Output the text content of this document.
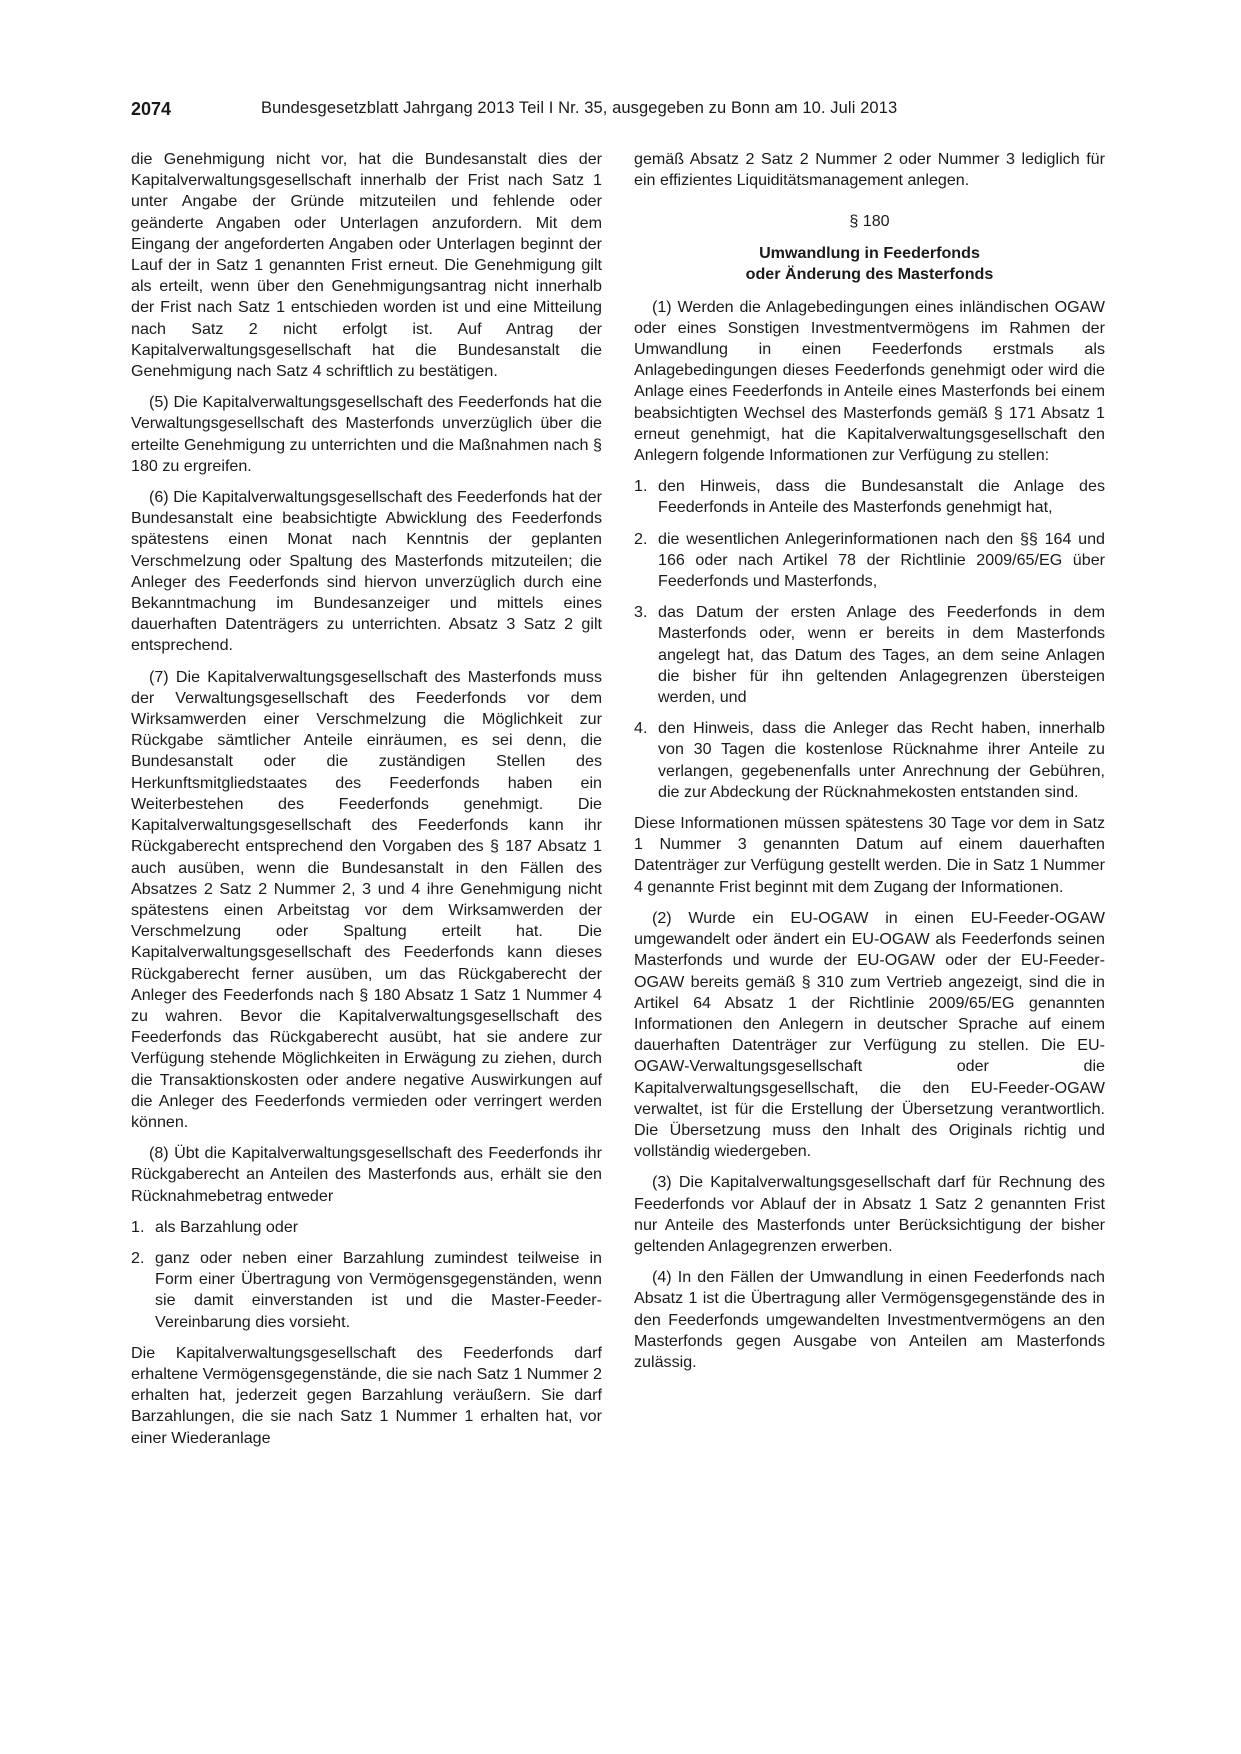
2074	Bundesgesetzblatt Jahrgang 2013 Teil I Nr. 35, ausgegeben zu Bonn am 10. Juli 2013

die Genehmigung nicht vor, hat die Bundesanstalt dies der Kapitalverwaltungsgesellschaft innerhalb der Frist nach Satz 1 unter Angabe der Gründe mitzuteilen und fehlende oder geänderte Angaben oder Unterlagen anzufordern. Mit dem Eingang der angeforderten Angaben oder Unterlagen beginnt der Lauf der in Satz 1 genannten Frist erneut. Die Genehmigung gilt als erteilt, wenn über den Genehmigungsantrag nicht innerhalb der Frist nach Satz 1 entschieden worden ist und eine Mitteilung nach Satz 2 nicht erfolgt ist. Auf Antrag der Kapitalverwaltungsgesellschaft hat die Bundesanstalt die Genehmigung nach Satz 4 schriftlich zu bestätigen.

(5) Die Kapitalverwaltungsgesellschaft des Feederfonds hat die Verwaltungsgesellschaft des Masterfonds unverzüglich über die erteilte Genehmigung zu unterrichten und die Maßnahmen nach § 180 zu ergreifen.

(6) Die Kapitalverwaltungsgesellschaft des Feederfonds hat der Bundesanstalt eine beabsichtigte Abwicklung des Feederfonds spätestens einen Monat nach Kenntnis der geplanten Verschmelzung oder Spaltung des Masterfonds mitzuteilen; die Anleger des Feederfonds sind hiervon unverzüglich durch eine Bekanntmachung im Bundesanzeiger und mittels eines dauerhaften Datenträgers zu unterrichten. Absatz 3 Satz 2 gilt entsprechend.

(7) Die Kapitalverwaltungsgesellschaft des Masterfonds muss der Verwaltungsgesellschaft des Feederfonds vor dem Wirksamwerden einer Verschmelzung die Möglichkeit zur Rückgabe sämtlicher Anteile einräumen, es sei denn, die Bundesanstalt oder die zuständigen Stellen des Herkunftsmitgliedstaates des Feederfonds haben ein Weiterbestehen des Feederfonds genehmigt. Die Kapitalverwaltungsgesellschaft des Feederfonds kann ihr Rückgaberecht entsprechend den Vorgaben des § 187 Absatz 1 auch ausüben, wenn die Bundesanstalt in den Fällen des Absatzes 2 Satz 2 Nummer 2, 3 und 4 ihre Genehmigung nicht spätestens einen Arbeitstag vor dem Wirksamwerden der Verschmelzung oder Spaltung erteilt hat. Die Kapitalverwaltungsgesellschaft des Feederfonds kann dieses Rückgaberecht ferner ausüben, um das Rückgaberecht der Anleger des Feederfonds nach § 180 Absatz 1 Satz 1 Nummer 4 zu wahren. Bevor die Kapitalverwaltungsgesellschaft des Feederfonds das Rückgaberecht ausübt, hat sie andere zur Verfügung stehende Möglichkeiten in Erwägung zu ziehen, durch die Transaktionskosten oder andere negative Auswirkungen auf die Anleger des Feederfonds vermieden oder verringert werden können.

(8) Übt die Kapitalverwaltungsgesellschaft des Feederfonds ihr Rückgaberecht an Anteilen des Masterfonds aus, erhält sie den Rücknahmebetrag entweder

1. als Barzahlung oder
2. ganz oder neben einer Barzahlung zumindest teilweise in Form einer Übertragung von Vermögensgegenständen, wenn sie damit einverstanden ist und die Master-Feeder-Vereinbarung dies vorsieht.

Die Kapitalverwaltungsgesellschaft des Feederfonds darf erhaltene Vermögensgegenstände, die sie nach Satz 1 Nummer 2 erhalten hat, jederzeit gegen Barzahlung veräußern. Sie darf Barzahlungen, die sie nach Satz 1 Nummer 1 erhalten hat, vor einer Wiederanlage

gemäß Absatz 2 Satz 2 Nummer 2 oder Nummer 3 lediglich für ein effizientes Liquiditätsmanagement anlegen.

§ 180
Umwandlung in Feederfonds
oder Änderung des Masterfonds

(1) Werden die Anlagebedingungen eines inländischen OGAW oder eines Sonstigen Investmentvermögens im Rahmen der Umwandlung in einen Feederfonds erstmals als Anlagebedingungen dieses Feederfonds genehmigt oder wird die Anlage eines Feederfonds in Anteile eines Masterfonds bei einem beabsichtigten Wechsel des Masterfonds gemäß § 171 Absatz 1 erneut genehmigt, hat die Kapitalverwaltungsgesellschaft den Anlegern folgende Informationen zur Verfügung zu stellen:

1. den Hinweis, dass die Bundesanstalt die Anlage des Feederfonds in Anteile des Masterfonds genehmigt hat,
2. die wesentlichen Anlegerinformationen nach den §§ 164 und 166 oder nach Artikel 78 der Richtlinie 2009/65/EG über Feederfonds und Masterfonds,
3. das Datum der ersten Anlage des Feederfonds in dem Masterfonds oder, wenn er bereits in dem Masterfonds angelegt hat, das Datum des Tages, an dem seine Anlagen die bisher für ihn geltenden Anlagegrenzen übersteigen werden, und
4. den Hinweis, dass die Anleger das Recht haben, innerhalb von 30 Tagen die kostenlose Rücknahme ihrer Anteile zu verlangen, gegebenenfalls unter Anrechnung der Gebühren, die zur Abdeckung der Rücknahmekosten entstanden sind.

Diese Informationen müssen spätestens 30 Tage vor dem in Satz 1 Nummer 3 genannten Datum auf einem dauerhaften Datenträger zur Verfügung gestellt werden. Die in Satz 1 Nummer 4 genannte Frist beginnt mit dem Zugang der Informationen.

(2) Wurde ein EU-OGAW in einen EU-Feeder-OGAW umgewandelt oder ändert ein EU-OGAW als Feederfonds seinen Masterfonds und wurde der EU-OGAW oder der EU-Feeder-OGAW bereits gemäß § 310 zum Vertrieb angezeigt, sind die in Artikel 64 Absatz 1 der Richtlinie 2009/65/EG genannten Informationen den Anlegern in deutscher Sprache auf einem dauerhaften Datenträger zur Verfügung zu stellen. Die EU-OGAW-Verwaltungsgesellschaft oder die Kapitalverwaltungsgesellschaft, die den EU-Feeder-OGAW verwaltet, ist für die Erstellung der Übersetzung verantwortlich. Die Übersetzung muss den Inhalt des Originals richtig und vollständig wiedergeben.

(3) Die Kapitalverwaltungsgesellschaft darf für Rechnung des Feederfonds vor Ablauf der in Absatz 1 Satz 2 genannten Frist nur Anteile des Masterfonds unter Berücksichtigung der bisher geltenden Anlagegrenzen erwerben.

(4) In den Fällen der Umwandlung in einen Feederfonds nach Absatz 1 ist die Übertragung aller Vermögensgegenstände des in den Feederfonds umgewandelten Investmentvermögens an den Masterfonds gegen Ausgabe von Anteilen am Masterfonds zulässig.
